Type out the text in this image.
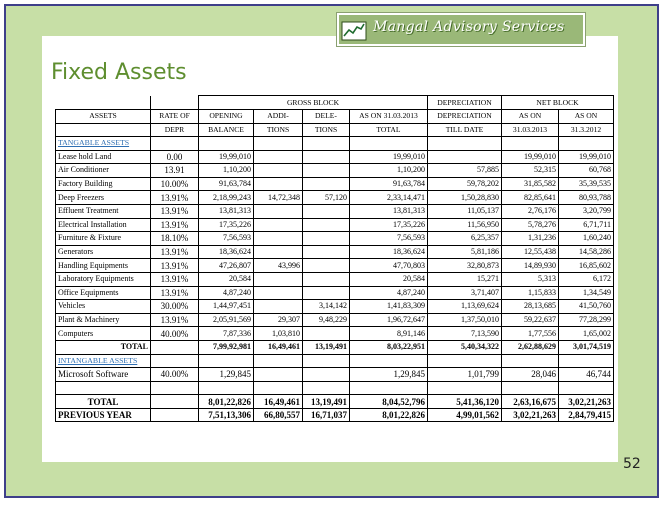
Mangal Advisory Services
Fixed Assets
		GROSS BLOCK				DEPRECIATION	NET BLOCK	
ASSETS	RATE OF	OPENING	ADDI-	DELE-	AS ON 31.03.2013	DEPRECIATION	AS ON	AS ON
	DEPR	BALANCE	TIONS	TIONS	TOTAL	TILL DATE	31.03.2013	31.3.2012
TANGABLE ASSETS								
Lease hold Land	0.00	19,99,010			19,99,010		19,99,010	19,99,010
Air Conditioner	13.91	1,10,200			1,10,200	57,885	52,315	60,768
Factory Building	10.00%	91,63,784			91,63,784	59,78,202	31,85,582	35,39,535
Deep Freezers	13.91%	2,18,99,243	14,72,348	57,120	2,33,14,471	1,50,28,830	82,85,641	80,93,788
Effluent Treatment	13.91%	13,81,313			13,81,313	11,05,137	2,76,176	3,20,799
Electrical Installation	13.91%	17,35,226			17,35,226	11,56,950	5,78,276	6,71,711
Furniture & Fixture	18.10%	7,56,593			7,56,593	6,25,357	1,31,236	1,60,240
Generators	13.91%	18,36,624			18,36,624	5,81,186	12,55,438	14,58,286
Handling Equipments	13.91%	47,26,807	43,996		47,70,803	32,80,873	14,89,930	16,85,602
Laboratory Equipments	13.91%	20,584			20,584	15,271	5,313	6,172
Office Equipments	13.91%	4,87,240			4,87,240	3,71,407	1,15,833	1,34,549
Vehicles	30.00%	1,44,97,451		3,14,142	1,41,83,309	1,13,69,624	28,13,685	41,50,760
Plant & Machinery	13.91%	2,05,91,569	29,307	9,48,229	1,96,72,647	1,37,50,010	59,22,637	77,28,299
Computers	40.00%	7,87,336	1,03,810		8,91,146	7,13,590	1,77,556	1,65,002
TOTAL		7,99,92,981	16,49,461	13,19,491	8,03,22,951	5,40,34,322	2,62,88,629	3,01,74,519
INTANGABLE ASSETS								
Microsoft Software	40.00%	1,29,845			1,29,845	1,01,799	28,046	46,744

TOTAL		8,01,22,826	16,49,461	13,19,491	8,04,52,796	5,41,36,120	2,63,16,675	3,02,21,263
PREVIOUS YEAR		7,51,13,306	66,80,557	16,71,037	8,01,22,826	4,99,01,562	3,02,21,263	2,84,79,415
52
